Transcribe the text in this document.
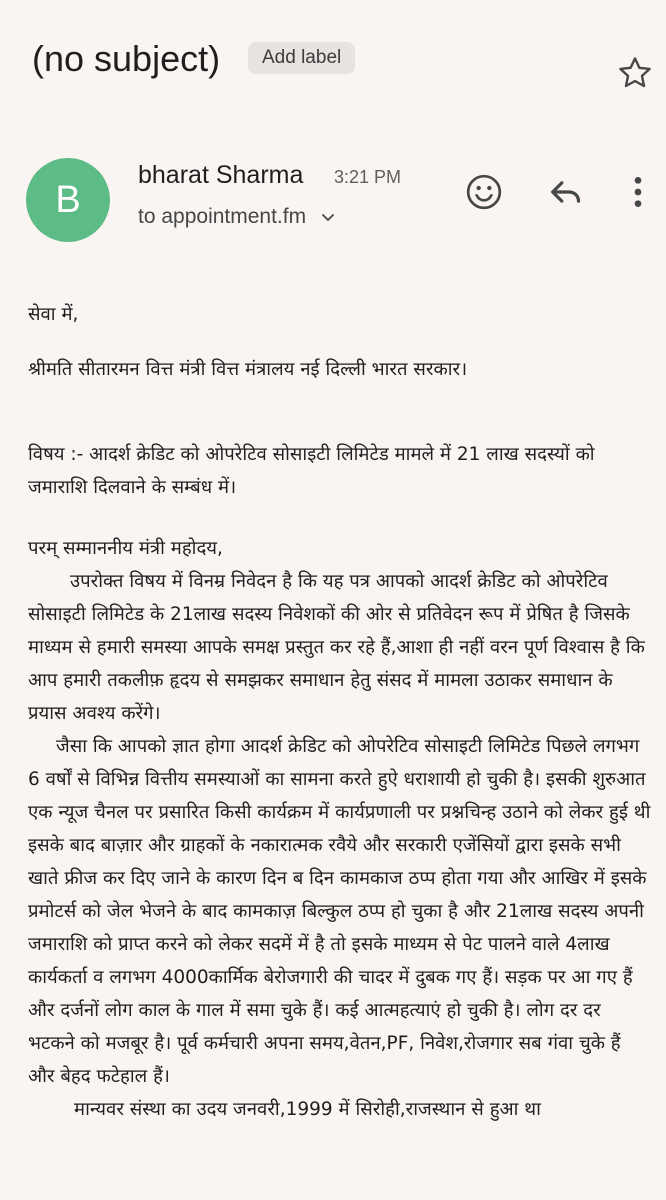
(no subject)	Add label
B
bharat Sharma 3:21 PM
to appointment.fm

सेवा में,

श्रीमति सीतारमन वित्त मंत्री वित्त मंत्रालय नई दिल्ली भारत सरकार।

विषय :- आदर्श क्रेडिट को ओपरेटिव सोसाइटी लिमिटेड मामले में 21 लाख सदस्यों को जमाराशि दिलवाने के सम्बंध में।

परम् सम्माननीय मंत्री महोदय,

उपरोक्त विषय में विनम्र निवेदन है कि यह पत्र आपको आदर्श क्रेडिट को ओपरेटिव सोसाइटी लिमिटेड के 21लाख सदस्य निवेशकों की ओर से प्रतिवेदन रूप में प्रेषित है जिसके माध्यम से हमारी समस्या आपके समक्ष प्रस्तुत कर रहे हैं,आशा ही नहीं वरन पूर्ण विश्वास है कि आप हमारी तकलीफ़ हृदय से समझकर समाधान हेतु संसद में मामला उठाकर समाधान के प्रयास अवश्य करेंगे।

जैसा कि आपको ज्ञात होगा आदर्श क्रेडिट को ओपरेटिव सोसाइटी लिमिटेड पिछले लगभग 6 वर्षों से विभिन्न वित्तीय समस्याओं का सामना करते हुऐ धराशायी हो चुकी है। इसकी शुरुआत एक न्यूज चैनल पर प्रसारित किसी कार्यक्रम में कार्यप्रणाली पर प्रश्नचिन्ह उठाने को लेकर हुई थी इसके बाद बाज़ार और ग्राहकों के नकारात्मक रवैये और सरकारी एजेंसियों द्वारा इसके सभी खाते फ्रीज कर दिए जाने के कारण दिन ब दिन कामकाज ठप्प होता गया और आखिर में इसके प्रमोटर्स को जेल भेजने के बाद कामकाज़ बिल्कुल ठप्प हो चुका है और 21लाख सदस्य अपनी जमाराशि को प्राप्त करने को लेकर सदमें में है तो इसके माध्यम से पेट पालने वाले 4लाख कार्यकर्ता व लगभग 4000कार्मिक बेरोजगारी की चादर में दुबक गए हैं। सड़क पर आ गए हैं और दर्जनों लोग काल के गाल में समा चुके हैं। कई आत्महत्याएं हो चुकी है। लोग दर दर भटकने को मजबूर है। पूर्व कर्मचारी अपना समय,वेतन,PF, निवेश,रोजगार सब गंवा चुके हैं और बेहद फटेहाल हैं।

मान्यवर संस्था का उदय जनवरी,1999 में सिरोही,राजस्थान से हुआ था
